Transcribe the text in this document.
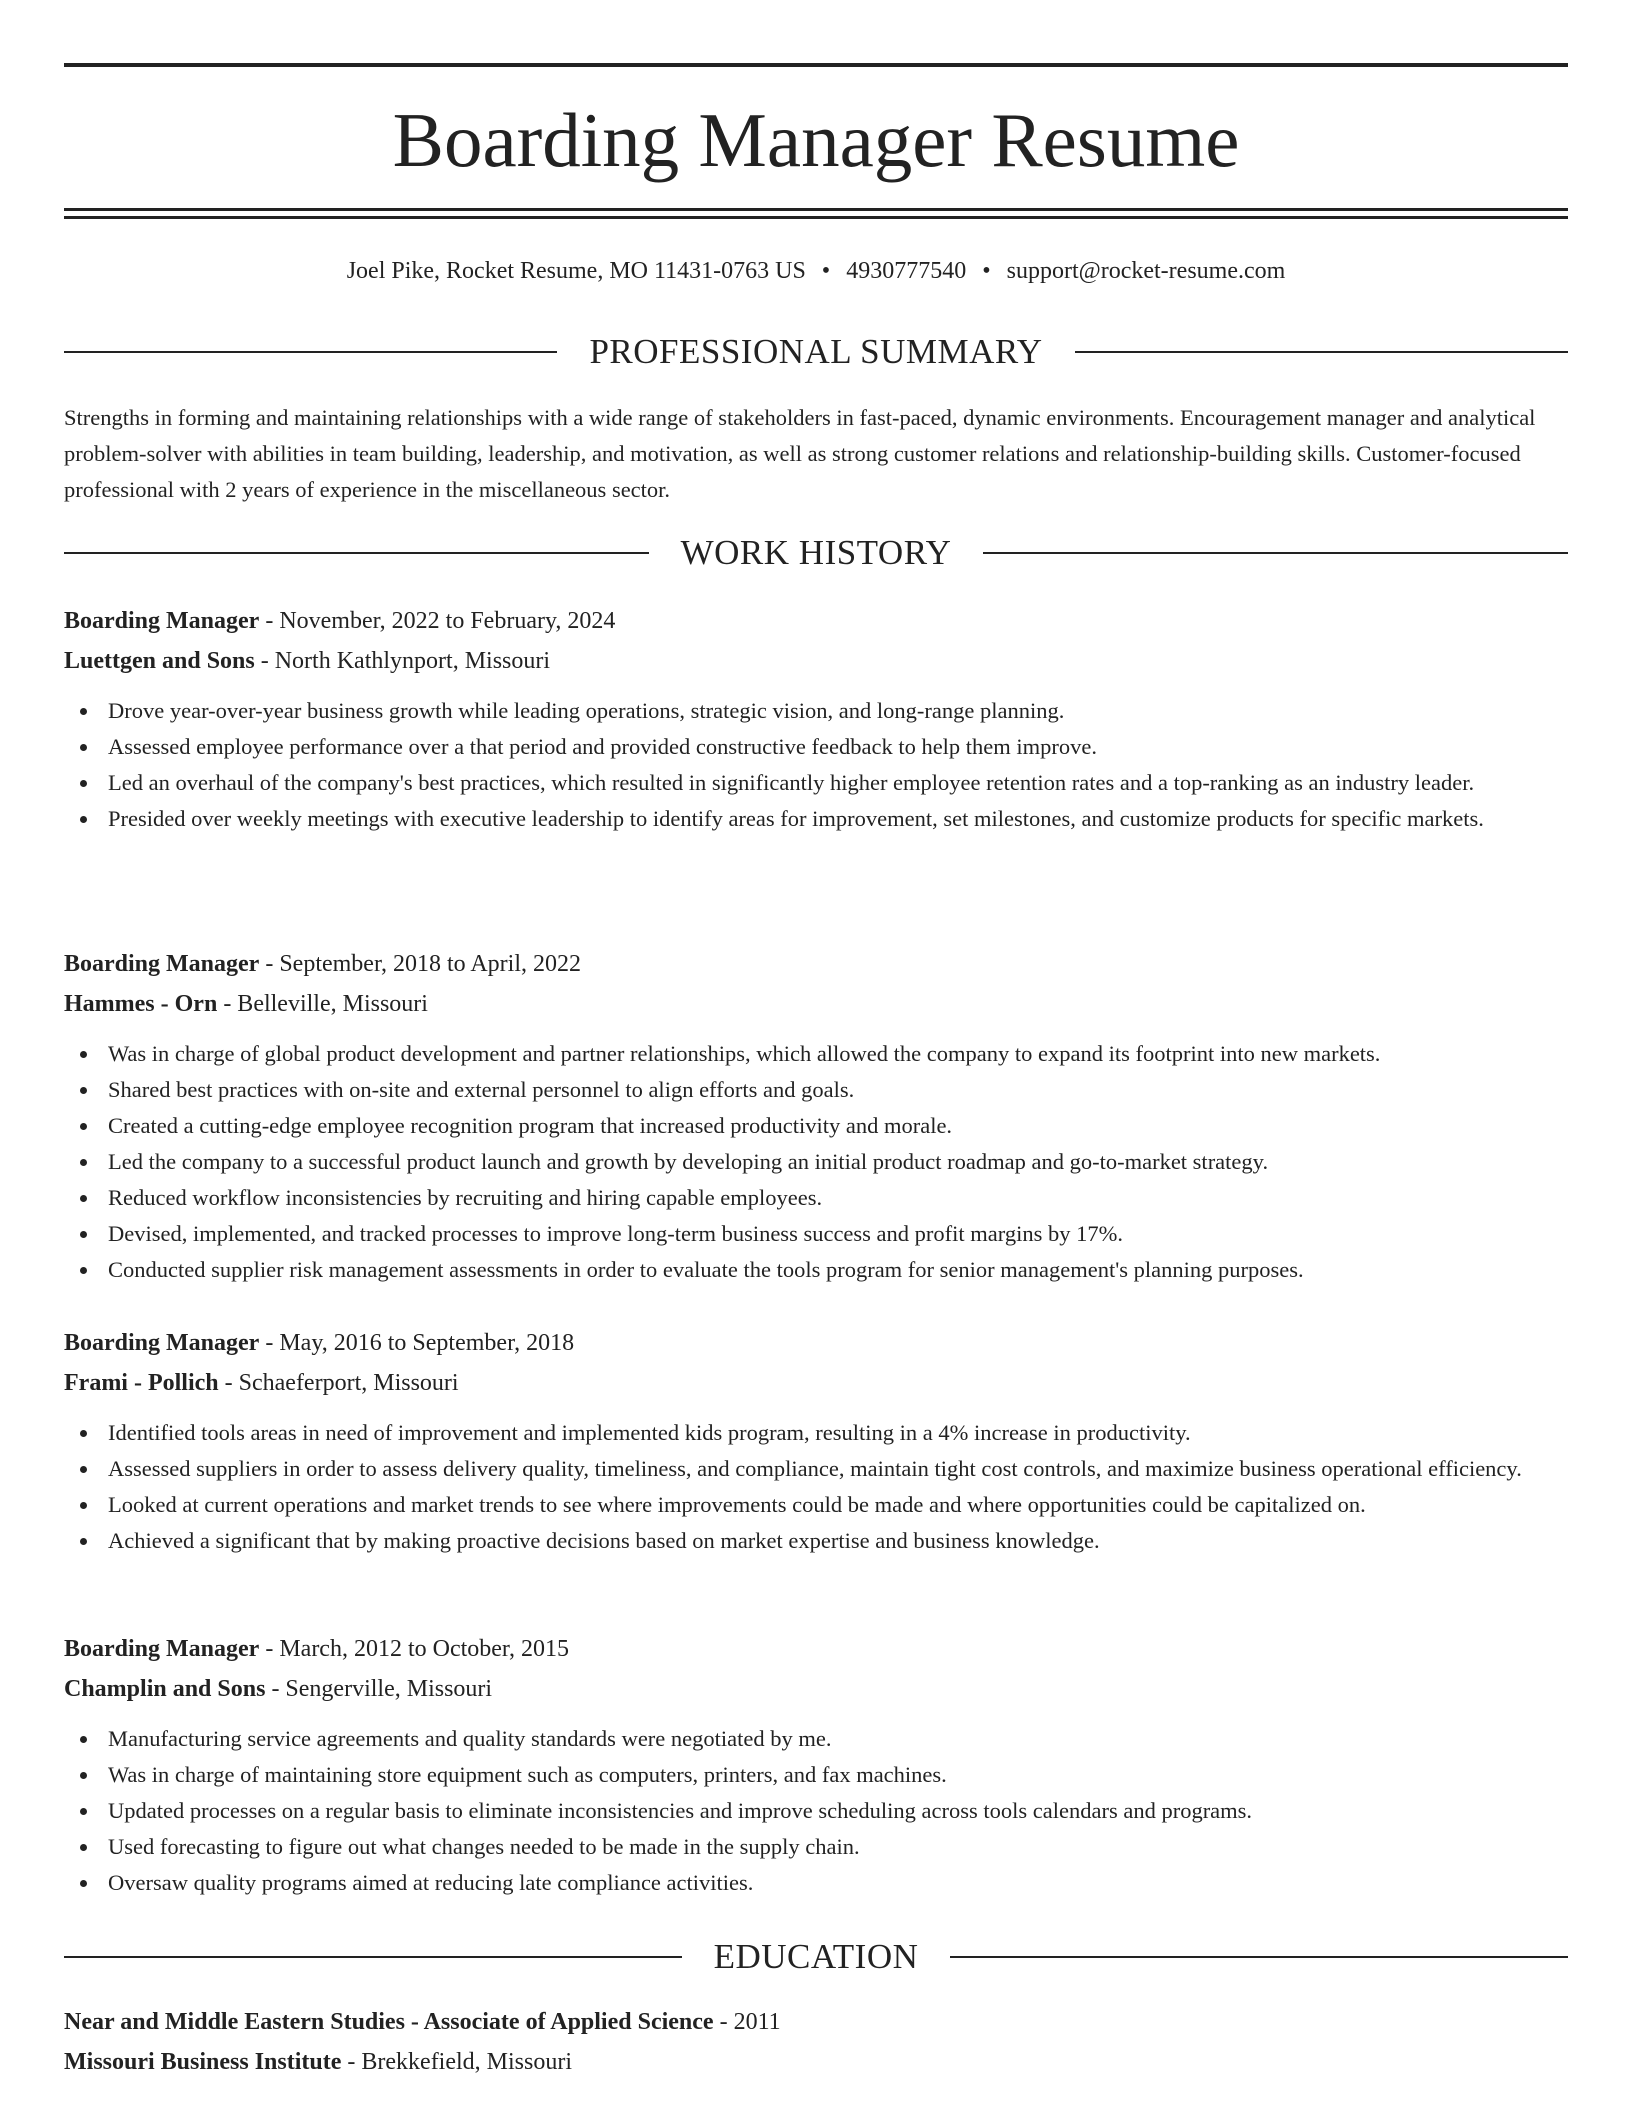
Boarding Manager Resume
Joel Pike, Rocket Resume, MO 11431-0763 US • 4930777540 • support@rocket-resume.com
PROFESSIONAL SUMMARY

Strengths in forming and maintaining relationships with a wide range of stakeholders in fast-paced, dynamic environments. Encouragement manager and analytical problem-solver with abilities in team building, leadership, and motivation, as well as strong customer relations and relationship-building skills. Customer-focused professional with 2 years of experience in the miscellaneous sector.

WORK HISTORY
Boarding Manager - November, 2022 to February, 2024
Luettgen and Sons - North Kathlynport, Missouri
Drove year-over-year business growth while leading operations, strategic vision, and long-range planning.
Assessed employee performance over a that period and provided constructive feedback to help them improve.
Led an overhaul of the company's best practices, which resulted in significantly higher employee retention rates and a top-ranking as an industry leader.
Presided over weekly meetings with executive leadership to identify areas for improvement, set milestones, and customize products for specific markets.
Boarding Manager - September, 2018 to April, 2022
Hammes - Orn - Belleville, Missouri
Was in charge of global product development and partner relationships, which allowed the company to expand its footprint into new markets.
Shared best practices with on-site and external personnel to align efforts and goals.
Created a cutting-edge employee recognition program that increased productivity and morale.
Led the company to a successful product launch and growth by developing an initial product roadmap and go-to-market strategy.
Reduced workflow inconsistencies by recruiting and hiring capable employees.
Devised, implemented, and tracked processes to improve long-term business success and profit margins by 17%.
Conducted supplier risk management assessments in order to evaluate the tools program for senior management's planning purposes.
Boarding Manager - May, 2016 to September, 2018
Frami - Pollich - Schaeferport, Missouri
Identified tools areas in need of improvement and implemented kids program, resulting in a 4% increase in productivity.
Assessed suppliers in order to assess delivery quality, timeliness, and compliance, maintain tight cost controls, and maximize business operational efficiency.
Looked at current operations and market trends to see where improvements could be made and where opportunities could be capitalized on.
Achieved a significant that by making proactive decisions based on market expertise and business knowledge.
Boarding Manager - March, 2012 to October, 2015
Champlin and Sons - Sengerville, Missouri
Manufacturing service agreements and quality standards were negotiated by me.
Was in charge of maintaining store equipment such as computers, printers, and fax machines.
Updated processes on a regular basis to eliminate inconsistencies and improve scheduling across tools calendars and programs.
Used forecasting to figure out what changes needed to be made in the supply chain.
Oversaw quality programs aimed at reducing late compliance activities.
EDUCATION
Near and Middle Eastern Studies - Associate of Applied Science - 2011
Missouri Business Institute - Brekkefield, Missouri
